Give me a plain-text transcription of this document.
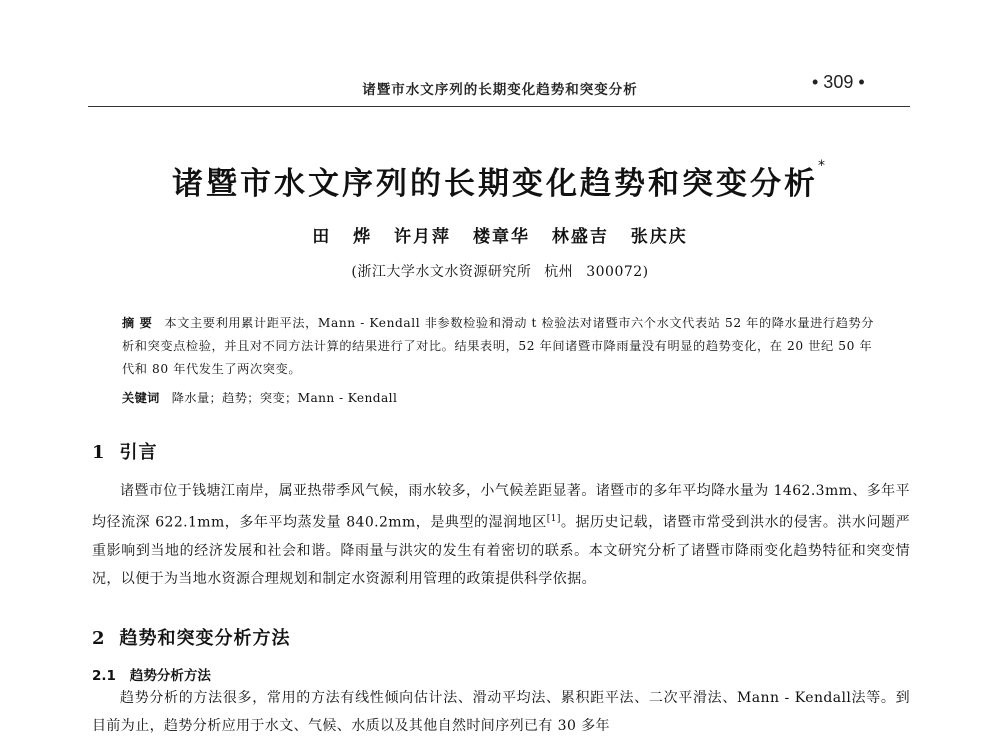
诸暨市水文序列的长期变化趋势和突变分析	• 309 •
诸暨市水文序列的长期变化趋势和突变分析*
田 烨 许月萍 楼章华 林盛吉 张庆庆
(浙江大学水文水资源研究所 杭州 300072)
摘 要 本文主要利用累计距平法，Mann - Kendall 非参数检验和滑动 t 检验法对诸暨市六个水文代表站 52 年的降水量进行趋势分析和突变点检验，并且对不同方法计算的结果进行了对比。结果表明，52 年间诸暨市降雨量没有明显的趋势变化，在 20 世纪 50 年代和 80 年代发生了两次突变。
关键词 降水量；趋势；突变；Mann - Kendall
1 引言

诸暨市位于钱塘江南岸，属亚热带季风气候，雨水较多，小气候差距显著。诸暨市的多年平均降水量为 1462.3mm、多年平均径流深 622.1mm，多年平均蒸发量 840.2mm，是典型的湿润地区[1]。据历史记载，诸暨市常受到洪水的侵害。洪水问题严重影响到当地的经济发展和社会和谐。降雨量与洪灾的发生有着密切的联系。本文研究分析了诸暨市降雨变化趋势特征和突变情况，以便于为当地水资源合理规划和制定水资源利用管理的政策提供科学依据。

2 趋势和突变分析方法
2.1 趋势分析方法

趋势分析的方法很多，常用的方法有线性倾向估计法、滑动平均法、累积距平法、二次平滑法、Mann - Kendall法等。到目前为止，趋势分析应用于水文、气候、水质以及其他自然时间序列已有 30 多年
